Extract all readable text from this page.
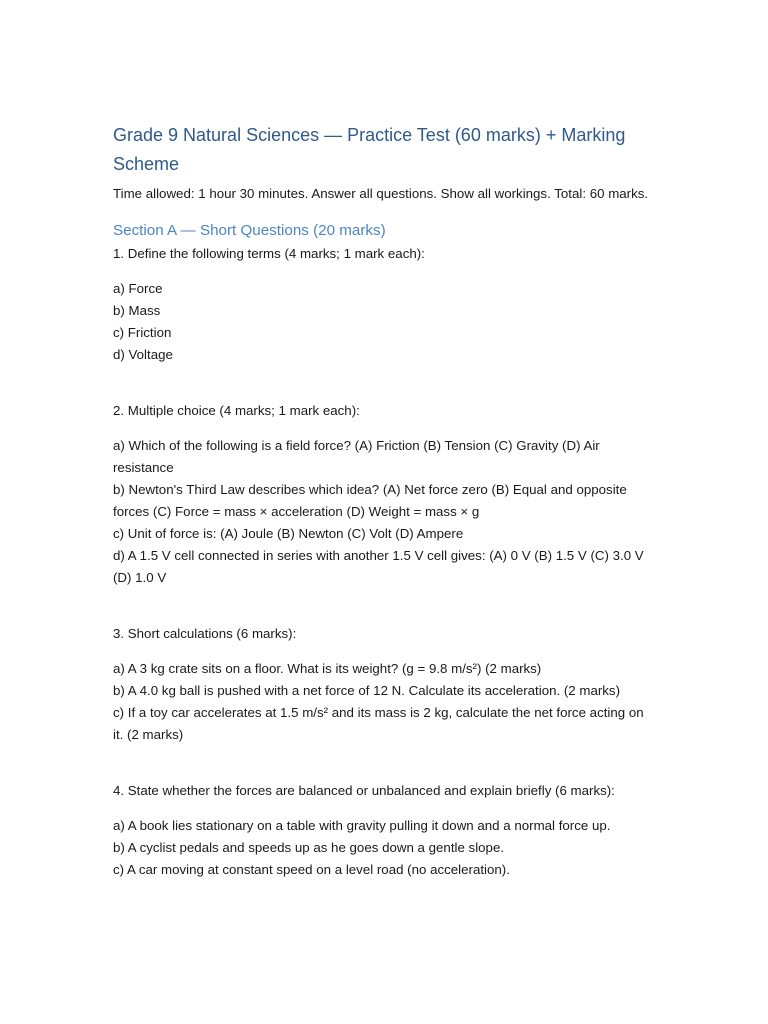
Grade 9 Natural Sciences — Practice Test (60 marks) + Marking Scheme

Time allowed: 1 hour 30 minutes. Answer all questions. Show all workings. Total: 60 marks.

Section A — Short Questions (20 marks)

1. Define the following terms (4 marks; 1 mark each):

a) Force
b) Mass
c) Friction
d) Voltage

2. Multiple choice (4 marks; 1 mark each):

a) Which of the following is a field force? (A) Friction (B) Tension (C) Gravity (D) Air resistance
b) Newton's Third Law describes which idea? (A) Net force zero (B) Equal and opposite forces (C) Force = mass × acceleration (D) Weight = mass × g
c) Unit of force is: (A) Joule (B) Newton (C) Volt (D) Ampere
d) A 1.5 V cell connected in series with another 1.5 V cell gives: (A) 0 V (B) 1.5 V (C) 3.0 V (D) 1.0 V

3. Short calculations (6 marks):

a) A 3 kg crate sits on a floor. What is its weight? (g = 9.8 m/s²) (2 marks)
b) A 4.0 kg ball is pushed with a net force of 12 N. Calculate its acceleration. (2 marks)
c) If a toy car accelerates at 1.5 m/s² and its mass is 2 kg, calculate the net force acting on it. (2 marks)

4. State whether the forces are balanced or unbalanced and explain briefly (6 marks):

a) A book lies stationary on a table with gravity pulling it down and a normal force up.
b) A cyclist pedals and speeds up as he goes down a gentle slope.
c) A car moving at constant speed on a level road (no acceleration).
